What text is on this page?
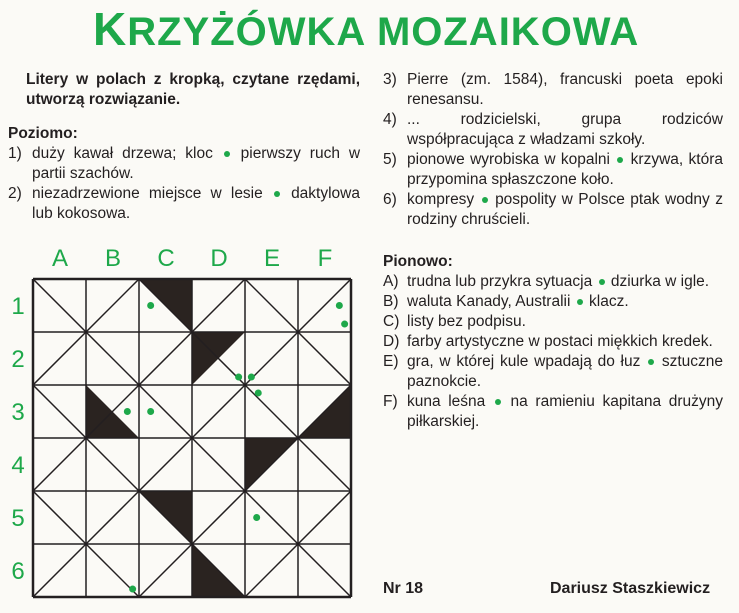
KRZYŻÓWKA MOZAIKOWA
Litery w polach z kropką, czytane rzędami, utworzą rozwiązanie.
Poziomo:
1) duży kawał drzewa; kloc pierwszy ruch w partii szachów.
2) niezadrzewione miejsce w lesie daktylowa lub kokosowa.
3) Pierre (zm. 1584), francuski poeta epoki renesansu.
4) ... rodzicielski, grupa rodziców współpracująca z władzami szkoły.
5) pionowe wyrobiska w kopalni krzywa, która przypomina spłaszczone koło.
6) kompresy pospolity w Polsce ptak wodny z rodziny chruścieli.
Pionowo:
A) trudna lub przykra sytuacja dziurka w igle.
B) waluta Kanady, Australii klacz.
C) listy bez podpisu.
D) farby artystyczne w postaci miękkich kredek.
E) gra, w której kule wpadają do łuz sztuczne paznokcie.
F) kuna leśna na ramieniu kapitana drużyny piłkarskiej.
A	B	C	D	E	F
1
2
3
4
5
6
Nr 18	Dariusz Staszkiewicz
